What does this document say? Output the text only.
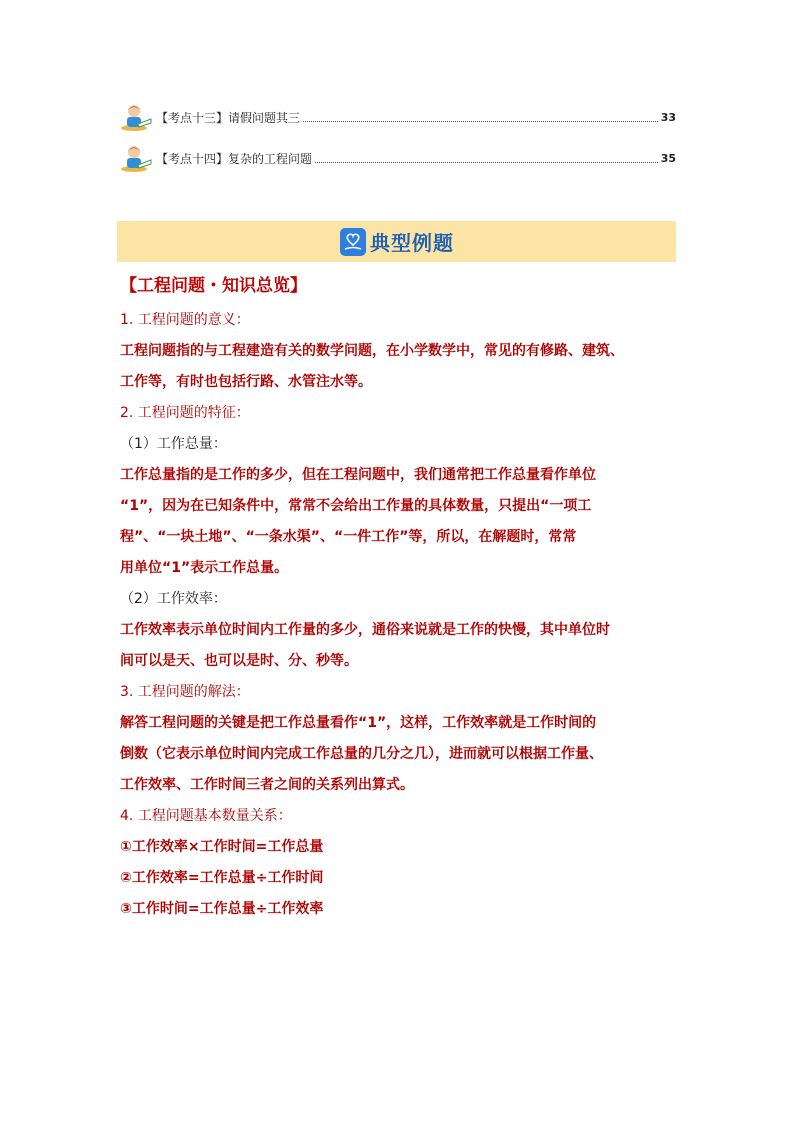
【考点十三】请假问题其三	33
【考点十四】复杂的工程问题	35
典型例题
【工程问题・知识总览】
1. 工程问题的意义：
工程问题指的与工程建造有关的数学问题，在小学数学中，常见的有修路、建筑、
工作等，有时也包括行路、水管注水等。
2. 工程问题的特征：
（1）工作总量：
工作总量指的是工作的多少，但在工程问题中，我们通常把工作总量看作单位
“1”，因为在已知条件中，常常不会给出工作量的具体数量，只提出“一项工
程”、“一块土地”、“一条水渠”、“一件工作”等，所以，在解题时，常常
用单位“1”表示工作总量。
（2）工作效率：
工作效率表示单位时间内工作量的多少，通俗来说就是工作的快慢，其中单位时
间可以是天、也可以是时、分、秒等。
3. 工程问题的解法：
解答工程问题的关键是把工作总量看作“1”，这样，工作效率就是工作时间的
倒数（它表示单位时间内完成工作总量的几分之几），进而就可以根据工作量、
工作效率、工作时间三者之间的关系列出算式。
4. 工程问题基本数量关系：
①工作效率×工作时间=工作总量
②工作效率=工作总量÷工作时间
③工作时间=工作总量÷工作效率
